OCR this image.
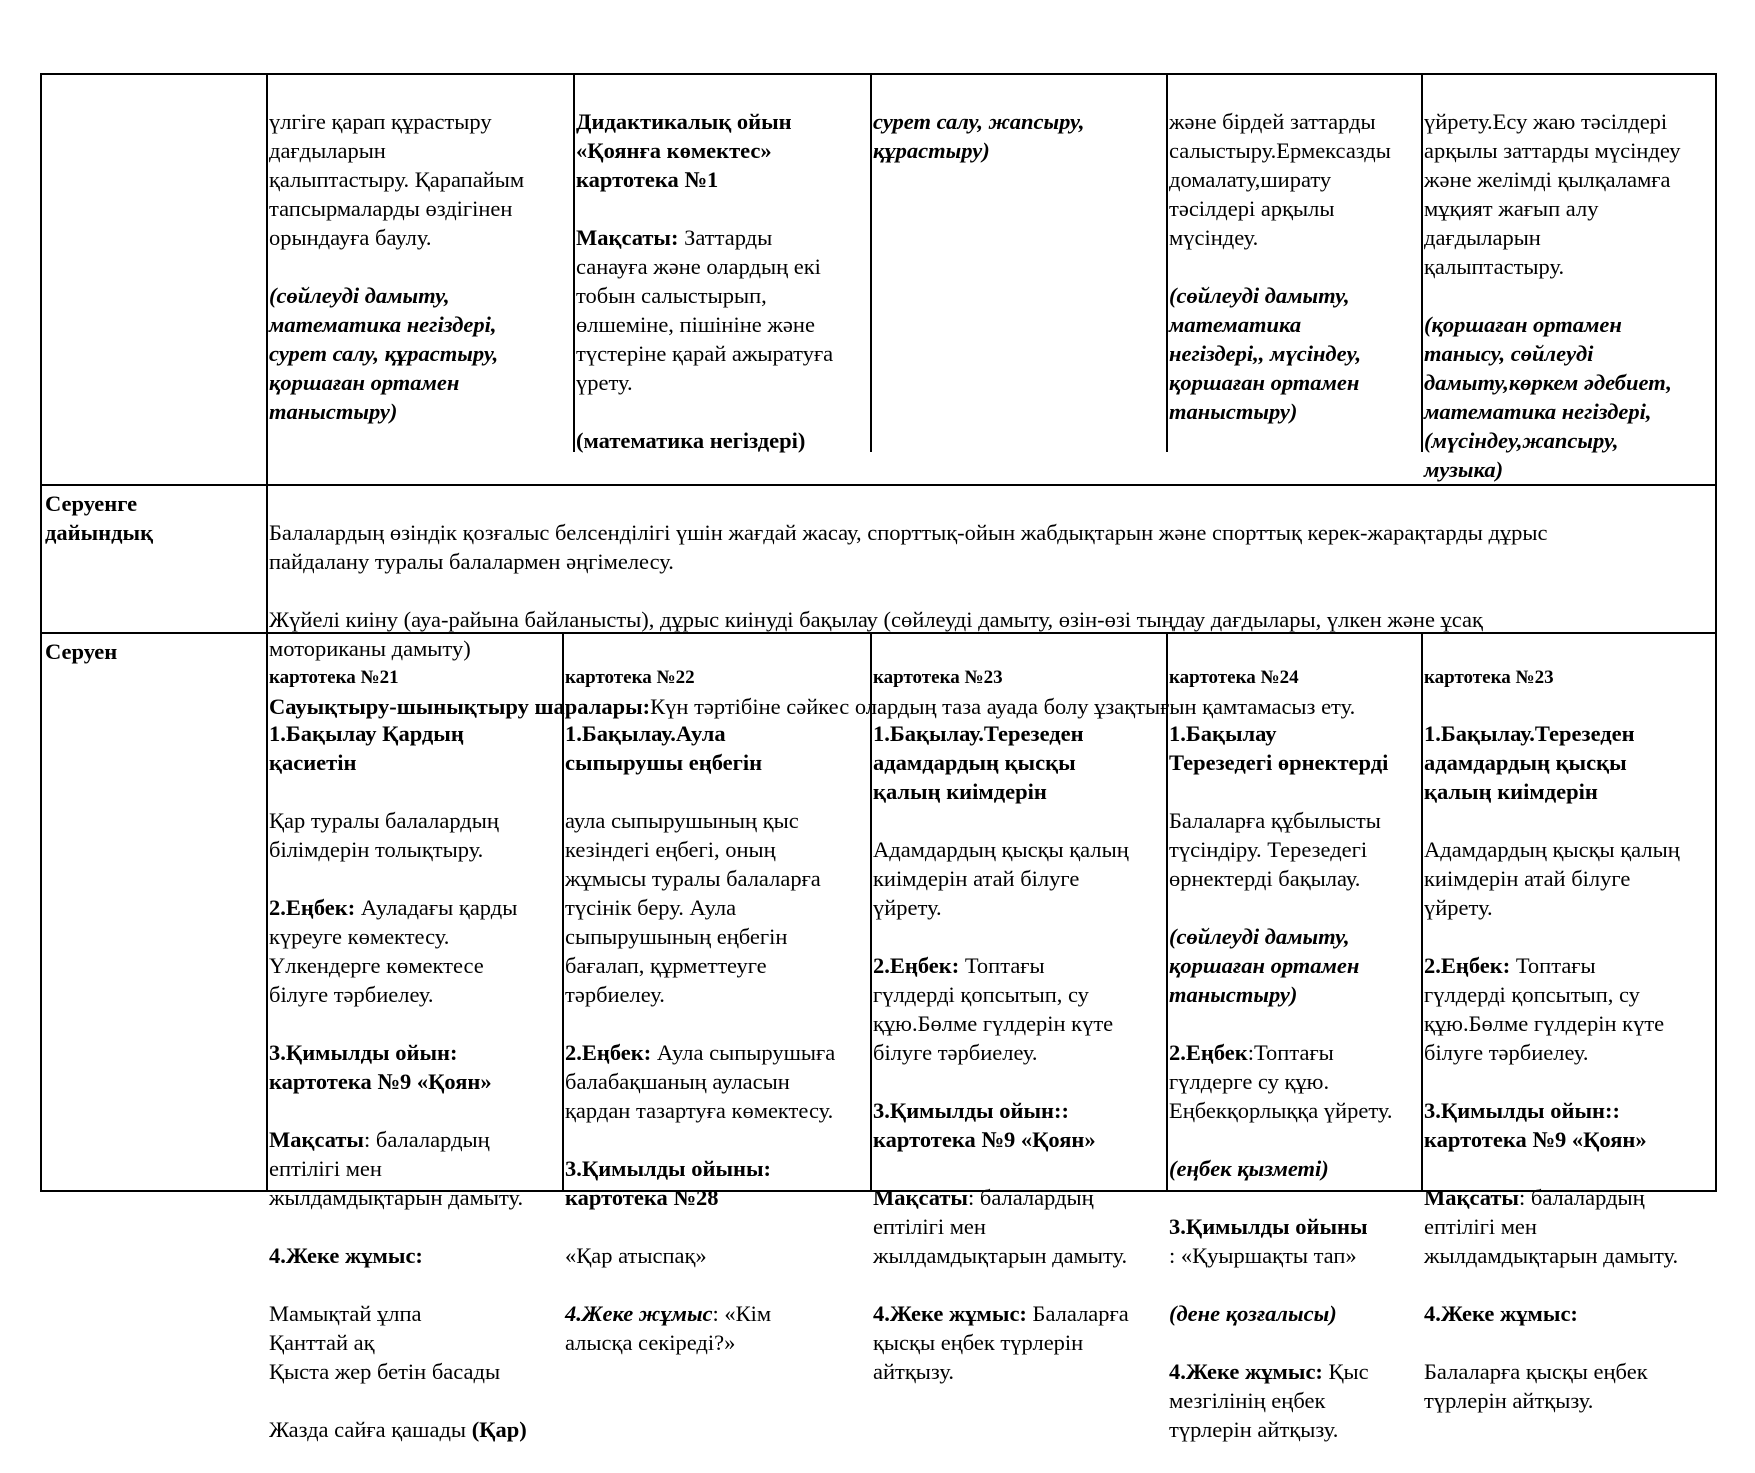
үлгіге қарап құрастыру
дағдыларын
қалыптастыру. Қарапайым
тапсырмаларды өздігінен
орындауға баулу.

(сөйлеуді дамыту,
математика негіздері,
сурет салу, құрастыру,
қоршаған ортамен
таныстыру)

Дидактикалық ойын
«Қоянға көмектес»
картотека №1

Мақсаты: Заттарды
санауға және олардың екі
тобын салыстырып,
өлшеміне, пішініне және
түстеріне қарай ажыратуға
үрету.

(математика негіздері)

сурет салу, жапсыру,
құрастыру)

және бірдей заттарды
салыстыру.Ермексазды
домалату,ширату
тәсілдері арқылы
мүсіндеу.

(сөйлеуді дамыту,
математика
негіздері,, мүсіндеу,
қоршаған ортамен
таныстыру)

үйрету.Есу жаю тәсілдері
арқылы заттарды мүсіндеу
және желімді қылқаламға
мұқият жағып алу
дағдыларын
қалыптастыру.

(қоршаған ортамен
танысу, сөйлеуді
дамыту,көркем әдебиет,
математика негіздері,
(мүсіндеу,жапсыру,
музыка)

Серуенге
дайындық	Балалардың өзіндік қозғалыс белсенділігі үшін жағдай жасау, спорттық-ойын жабдықтарын және спорттық керек-жарақтарды дұрыс
пайдалану туралы балалармен әңгімелесу.

Жүйелі киіну (ауа-райына байланысты), дұрыс киінуді бақылау (сөйлеуді дамыту, өзін-өзі тыңдау дағдылары, үлкен және ұсақ
моториканы дамыту)

Сауықтыру-шынықтыру шаралары:Күн тәртібіне сәйкес олардың таза ауада болу ұзақтығын қамтамасыз ету.

Серуен

картотека №21

1.Бақылау Қардың
қасиетін

Қар туралы балалардың
білімдерін толықтыру.

2.Еңбек: Ауладағы қарды
күреуге көмектесу.
Үлкендерге көмектесе
білуге тәрбиелеу.

3.Қимылды ойын:
картотека №9 «Қоян»

Мақсаты: балалардың
ептілігі мен
жылдамдықтарын дамыту.

4.Жеке жұмыс:

Мамықтай ұлпа
Қанттай ақ
Қыста жер бетін басады

Жазда сайға қашады (Қар)

картотека №22

1.Бақылау.Аула
сыпырушы еңбегін

аула сыпырушының қыс
кезіндегі еңбегі, оның
жұмысы туралы балаларға
түсінік беру. Аула
сыпырушының еңбегін
бағалап, құрметтеуге
тәрбиелеу.

2.Еңбек: Аула сыпырушыға
балабақшаның ауласын
қардан тазартуға көмектесу.

3.Қимылды ойыны:
картотека №28

«Қар атыспақ»

4.Жеке жұмыс: «Кім
алысқа секіреді?»

картотека №23

1.Бақылау.Терезеден
адамдардың қысқы
қалың киімдерін

Адамдардың қысқы қалың
киімдерін атай білуге
үйрету.

2.Еңбек: Топтағы
гүлдерді қопсытып, су
құю.Бөлме гүлдерін күте
білуге тәрбиелеу.

3.Қимылды ойын::
картотека №9 «Қоян»

Мақсаты: балалардың
ептілігі мен
жылдамдықтарын дамыту.

4.Жеке жұмыс: Балаларға
қысқы еңбек түрлерін
айтқызу.

картотека №24

1.Бақылау
Терезедегі өрнектерді

Балаларға құбылысты
түсіндіру. Терезедегі
өрнектерді бақылау.

(сөйлеуді дамыту,
қоршаған ортамен
таныстыру)

2.Еңбек:Топтағы
гүлдерге су құю.
Еңбекқорлыққа үйрету.

(еңбек қызметі)

3.Қимылды ойыны
: «Қуыршақты тап»

(дене қозғалысы)

4.Жеке жұмыс: Қыс
мезгілінің еңбек
түрлерін айтқызу.

картотека №23

1.Бақылау.Терезеден
адамдардың қысқы
қалың киімдерін

Адамдардың қысқы қалың
киімдерін атай білуге
үйрету.

2.Еңбек: Топтағы
гүлдерді қопсытып, су
құю.Бөлме гүлдерін күте
білуге тәрбиелеу.

3.Қимылды ойын::
картотека №9 «Қоян»

Мақсаты: балалардың
ептілігі мен
жылдамдықтарын дамыту.

4.Жеке жұмыс:

Балаларға қысқы еңбек
түрлерін айтқызу.
